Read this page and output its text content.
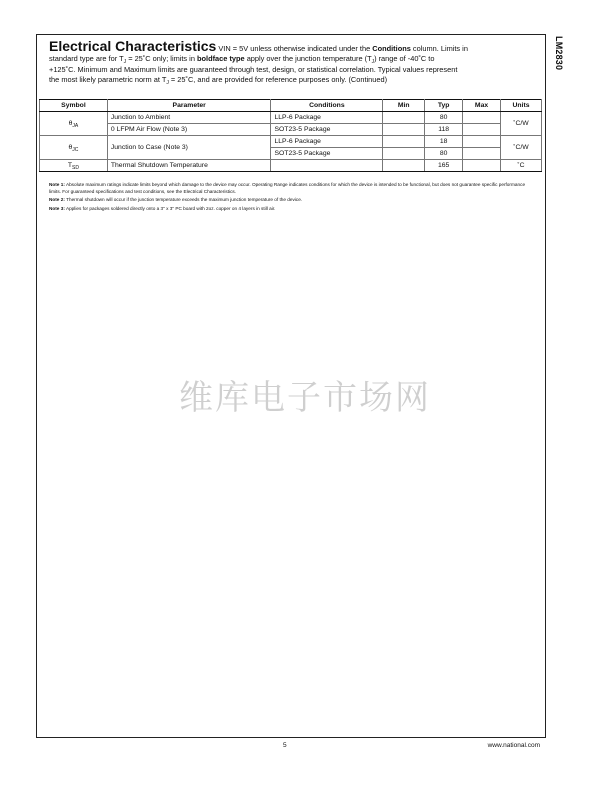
Electrical Characteristics VIN = 5V unless otherwise indicated under the Conditions column. Limits in
standard type are for $T_J$ = 25˚C only; limits in boldface type apply over the junction temperature $(T_J)$ range of -40˚C to
+125˚C. Minimum and Maximum limits are guaranteed through test, design, or statistical correlation. Typical values represent
the most likely parametric norm at $T_J$ = 25˚C, and are provided for reference purposes only. (Continued)
Symbol	Parameter	Conditions	Min	Typ	Max	Units
$\theta_{JA}$	Junction to Ambient	LLP-6 Package		80		˚C/W
	0 LFPM Air Flow (Note 3)	SOT23-5 Package		118		
$\theta_{JC}$	Junction to Case (Note 3)	LLP-6 Package		18		˚C/W
		SOT23-5 Package		80		
$T_{SD}$	Thermal Shutdown Temperature			165		˚C

Note 1: Absolute maximum ratings indicate limits beyond which damage to the device may occur. Operating Range indicates conditions for which the device is intended to be functional, but does not guarantee specific performance limits. For guaranteed specifications and test conditions, see the Electrical Characteristics.

Note 2: Thermal shutdown will occur if the junction temperature exceeds the maximum junction temperature of the device.

Note 3: Applies for packages soldered directly onto a 3" x 3" PC board with 2oz. copper on 4 layers in still air.

LM2830
维库电子市场网
5	www.national.com
